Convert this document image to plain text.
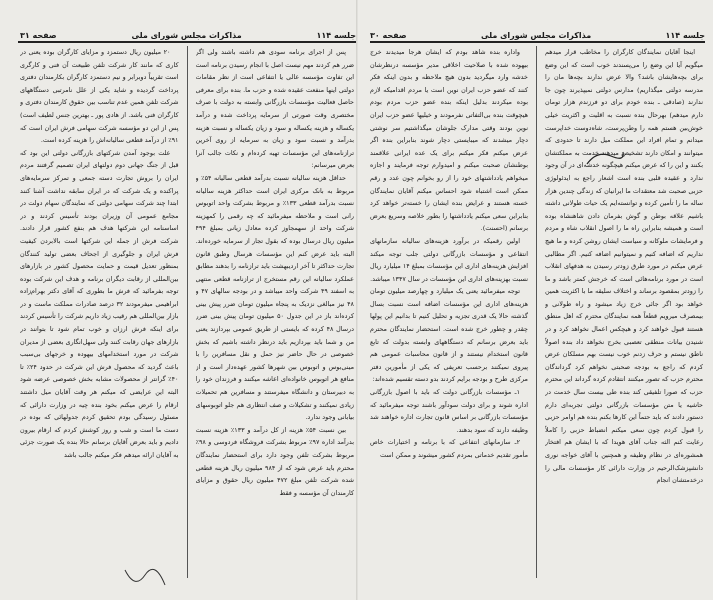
جلسه ۱۱۴
مذاکرات مجلس شورای ملی
صفحه ۳۱

پس از اجرای برنامه سودی هم داشته باشند ولی اگر ضرر هم کردند مهم نیست اصل با انجام رسیدن برنامه است این تفاوت مؤسسه عالی یا انتفاعی است از نظر مقامات دولتی اینها منفعت عقیده شده و حزب ما. بنده برای معرفی حاصل فعالیت مؤسسات بازرگانی وابسته به دولت با صرف مختصری وقت صورتی از سرمایه پرداخت شده و درآمد یکساله و هزینه یکساله و سود و زیان یکساله و نسبت هزینه بدرآمد و نسبت سود و زیان به سرمایه از روی آخرین ترازنامه‌های این مؤسسات تهیه کرده‌ام و نکات جالب آنرا بعرض میرسانم:

حداقل هزینه سالیانه نسبت بدرآمد قطعی سالیانه ۵۴٪ و مربوط به بانک مرکزی ایران است حداکثر هزینه سالیانه نسبت بدرآمد قطعی ۱۳۳٪ و مربوط بشرکت واحد اتوبوس رانی است و ملاحظه میفرمائید که چه رقمی را کمهزینه شرکت واحد از سهمجاوز کرده معادل زیانی بمبلغ ۴۹۴ میلیون ریال درسال بوده که بقول تجار از سرمایه خورده‌اند. البته باید عرض کنم این مؤسسات هرسال وطبق قانون تجارت حداکثر تا آخر اردیبهشت باید ترازنامه را بدهند مطابق عملکرد سالیانه این رقم مستخرج از ترازنامه قطعی منتهی به اسفند ۴۹ شرکت واحد میباشد و در بودجه سالهای ۴۷ و ۴۸ نیز مبالغی نزدیک به پنجاه میلیون تومان ضرر پیش بینی کرده‌اند باز در این جدول ۵۰ میلیون تومان پیش بینی ضرر درسال ۴۸ کرده که بایستی از طریق عمومی بپردازند یعنی من و شما باید بپردازیم باید درنظر داشته باشیم که بخش خصوصی در حال حاضر نیز حمل و نقل مسافرین را با مینی‌بوس و اتوبوس بین شهرها کشور عهده‌دار است و از منافع هر اتوبوس خانواده‌ای اعاشه میکنند و فرزندان خود را به دبیرستان و دانشگاه میفرستند و مسافرین هم تحمیلات زیادی نمیکنند و تشکیلات و صف انتظاری هم جلو اتوبوسهای بیابانی وجود ندارد.

بین نسبت ۵۴٪ هزینه از کل درآمد و ۱۳۳٪ هزینه نسبت بدرآمد اداره ۹۷٪ مربوط بشرکت فروشگاه فردوسی و ۹۸٪ مربوط بشرکت تلفن وجود دارد برای استحضار نمایندگان محترم باید عرض شود که از ۹۸۴ میلیون ریال هزینه قطعی شده شرکت تلفن مبلغ ۴۷۲ میلیون ریال حقوق و مزایای کارمندان آن مؤسسه و فقط

۲۰ میلیون ریال دستمزد و مزایای کارگران بوده یعنی در کاری که مانند کار شرکت تلفن طبیعت آن فنی و کارگری است تقریباً دوبرابر و نیم دستمزد کارگران بکارمندان دفتری پرداخت گردیده و شاید یکی از علل نامرتبی دستگاههای شرکت تلفن همین عدم تناسب بین حقوق کارمندان دفتری و کارگران فنی باشد. از هادی پور ـ بهترین جنس لطیف است) پس از این دو مؤسسه شرکت سهامی فرش ایران است که ۹۱٪ از درآمد قطعی سالیانه‌اش را هزینه کرده است.

علت بوجود آمدن شرکتهای بازرگانی دولتی این بود که قبل از جنگ جهانی دوم دولتهای ایران تصمیم گرفتند مردم ایران را بروش تجارت دسته جمعی و تمرکز سرمایه‌های پراکنده و یک شرکت که در ایران سابقه نداشت آشنا کنند ابتدا چند شرکت سهامی دولتی که نمایندگان سهام دولت در مجامع عمومی آن وزیران بودند تأسیس کردند و در اساسنامه این شرکتها هدف هم بنفع کشور قرار دادند. شرکت فرش از جمله این شرکتها است بالابردن کیفیت فرش ایران و جلوگیری از اجحاف بعضی تولید کنندگان بمنظور تعدیل قیمت و حمایت محصول کشور در بازارهای بین‌المللی از رقابت دیگران برنامه و هدف این شرکت بوده توجه بفرمائید که فرش ما بطوری که آقای دکتر بهرام‌زاده ابراهیمی میفرمودند ۳۲ درصد صادرات مملکت ماست و در بازار بین‌المللی هم رقیب زیاد داریم شرکت را تأسیس کردند برای اینکه فرش ارزان و خوب تمام شود تا بتوانند در بازارهای جهان رقابت کنند ولی سهل‌انگاری بعضی از مدیران شرکت در مورد استخدامهای بیهوده و خرجهای بی‌سبب باعث گردید که محصول فرش این شرکت در حدود ۲۴٪ تا ۴۰٪ گرانتر از محصولات مشابه بخش خصوصی عرضه شود البته این عرایضی که میکنم هر وقت آقایان میل داشتند ارقام را عرض میکنم بخود بنده چیه در وزارت دارائی که مسئول رسیدگی بودم تحقیق کردم جدولهائی که بوده در دست ما است و شب و روز کوشش کردم که ارقام بیرون دادیم و باید بعرض آقایان برسانم حالا بنده یک صورت جزئی به آقایان ارائه میدهم فکر میکنم جالب باشد

جلسه ۱۱۴
مذاکرات مجلس شورای ملی
صفحه ۳۰

اینجا آقایان نمایندگان کارگران را مخاطب قرار میدهم میگویم آیا این وضع را می‌پسندند خوب است که این وضع برای بچه‌هایشان باشد؟ والا عرض ندارند بچه‌ها مان را مدرسه دولتی میگذاریم) مدارس دولتی نمیپذیرند چون جا ندارند (صادقی ـ بنده خودم برای دو فرزندم هزار تومان دارم میدهم) بهرحال بنده نسبت به اقلیت و اکثریت خیلی خوش‌بین هستم همه را وطن‌پرست، شاه‌دوست خداپرست میدانم و تمام افراد این مملکت میل دارند تا حدودی که میتوانند و امکان دارند تشخیص میدهند خدمت به مملکتشان بکنند و این را که عرض میکنم هیچگونه خدشه‌ای در آن وجود ندارد و عقیده قلبی بنده است اشعار راجع به ایدئولوژی حزبی صحبت شد معتقدات ما ایرانیان که زندگی چندین هزار ساله ما را تأمین کرده و توانسته‌ایم یک حیات طولانی داشته باشیم علاقه بوطن و گوش بفرمان دادن شاهنشاه بوده است و همیشه بنابراین راه ما را اصول انقلاب شاه و مردم و فرمایشات ملوکانه و سیاست ایشان روشن کرده و ما هیچ نداریم که اضافه کنیم و نمیتوانیم اضافه کنیم. اگر مطالبی عرض میکنم در مورد طرق زودتر رسیدن به هدفهای انقلاب است در مورد برنامه‌هائی است که خرجش کمتر باشد و ما را زودتر بمقصود برساند و اختلاف سلیقه ما با اکثریت همین خواهد بود اگر جائی خرج زیاد میشود و راه طولانی و بیمصرف میرویم قطعاً همه نمایندگان محترم که اهل منطق هستند قبول خواهند کرد و هیچکس اعمال نخواهد کرد و در شنیدن بیانات منطقی تعصبی بخرج نخواهد داد بنده اصولاً ناطق نیستم و حرف زدنم خوب نیست بهم مسلکان عرض کردم که راجع به بودجه صحبتی نخواهم کرد گرداندگان محترم حزب که تصور میکنند انتقادم کرده گرداند این محترم حزب که صورا تلفیقی کند بنده طی بیست سال خدمت در حاشیه یا متن مؤسسات بازرگانی دولتی تجربه‌ای دارم دستور دادند که باید حتماً این کارها بکنم بنده هم اوامر حزبی را قبول کردم چون سعی میکنم انضباط حزبی را کاملاً رعایت کنم الثه جناب آقای هویدا که با ایشان هم افتخار همشوره‌ای در نظام وظیفه و همچنین با آقای خواجه نوری دانشپزشک‌الرحیم در وزارت دارائی کار مؤسسات مالی را درخدمتشان انجام

واداره بنده شاهد بودم که ایشان هرجا میدیدند خرج بیهوده شده با صلاحیت اخلاقی مدیر مؤسسه درنظرشان خدشه وارد میگردید بدون هیچ ملاحظه و بدون اینکه فکر کنند که عضو حزب ایران نوین است یا مردم اقدامیکه لازم بوده میکردند بدلیل اینکه بنده عضو حزب مردم بودم هیچوقت بنده بی‌التفاتی نفرمودند و خیلیها عضو حزب ایران نوین بودند وقتی مدارک جلوشان میگذاشتیم سر نوشتی دچار میشدند که میبایستی دچار شوند بنابراین بنده اگر عرض میکنم فکر میکنم برای یک عده ایرانی علاقمند بوطنشان صحبت میکنم و امیدوارم توجه فرمایند و اجازه میخواهم یادداشتهای خود را از رو بخوانم چون عدد و رقم ممکن است اشتباه شود احساس میکنم آقایان نمایندگان خسته هستند و عرایض بنده ایشان را خسته‌تر خواهد کرد بنابراین سعی میکنم یادداشتها را بطور خلاصه وسریع بعرض برسانم (احسنت).

اولین رقمیکه در برآورد هزینه‌های سالیانه سازمانهای انتفاعی و مؤسسات بازرگانی دولتی جلب توجه میکند افزایش هزینه‌های اداری این مؤسسات بمبلغ ۱۴ میلیارد ریال نسبت بهزینه‌های اداری این مؤسسات در سال ۱۳۴۷ میباشد.

توجه میفرمائید یعنی یک میلیارد و چهارصد میلیون تومان هزینه‌های اداری این مؤسسات اضافه است نسبت بسال گذشته حالا یک قدری تجزیه و تحلیل کنیم تا بدانیم این پولها چقدر و چطور خرج شده است. استحضار نمایندگان محترم باید بعرض برسانم که دستگاههای وابسته بدولت که تابع قانون استخدام نیستند و از قانون محاسبات عمومی هم پیروی نمیکنند برحسب تعریفی که یکی از مأمورین دفتر مرکزی طرح و بودجه برایم کردند بدو دسته تقسیم شده‌اند:

۱ـ مؤسسات بازرگانی دولت که باید با اصول بازرگانی اداره شوند و برای دولت سودآور باشند توجه میفرمائید که مؤسسات بازرگانی بر اساس قانون تجارت اداره خواهند شد وظیفه دارند که سود بدهند.

۲ـ سازمانهای انتفاعی که با برنامه و اختیارات خاص مأمور تقدیم خدماتی بمردم کشور میشوند و ممکن است
